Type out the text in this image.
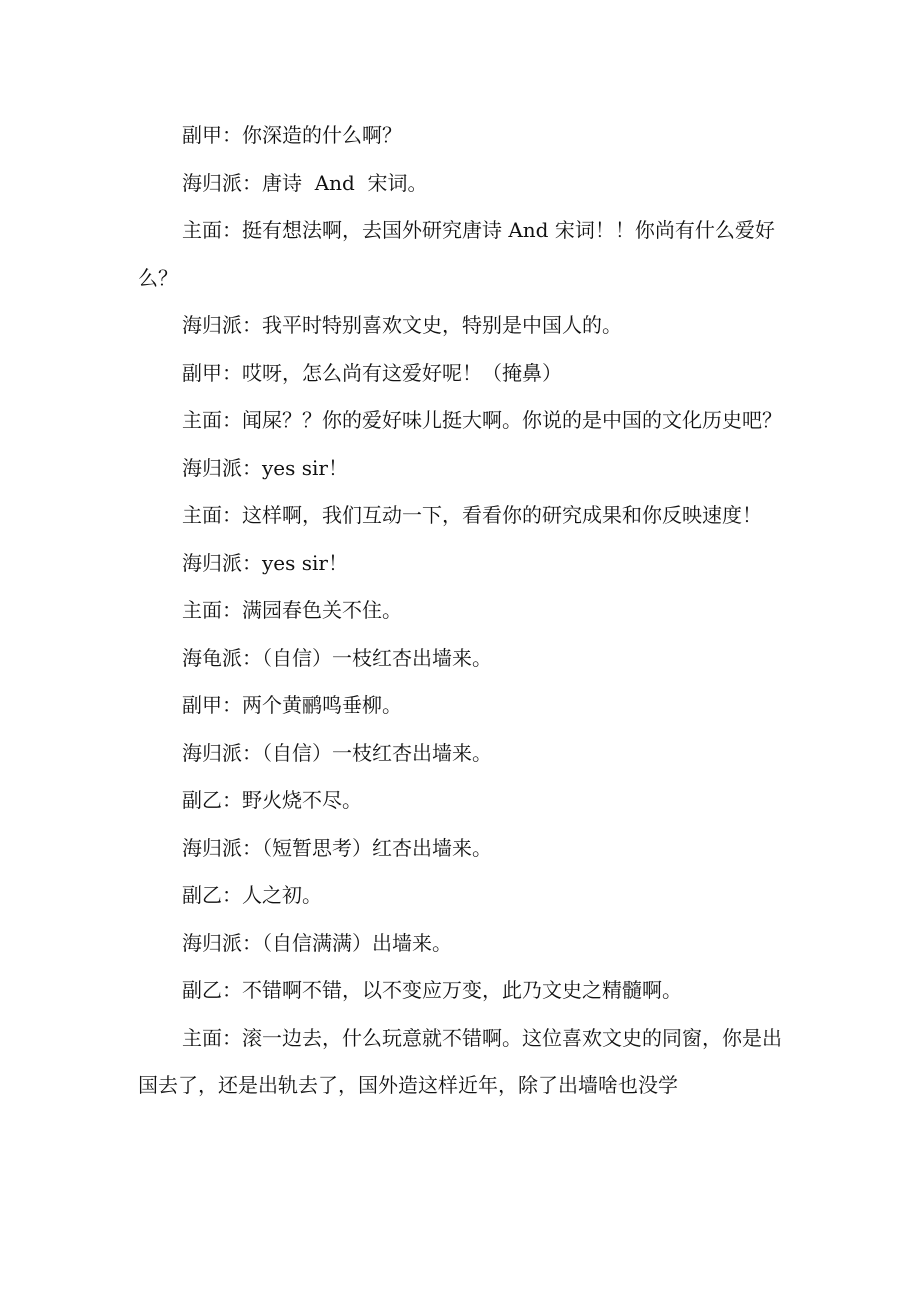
副甲：你深造的什么啊？

海归派：唐诗  And  宋词。

主面：挺有想法啊，去国外研究唐诗 And 宋词！！你尚有什么爱好么？

海归派：我平时特别喜欢文史，特别是中国人的。

副甲：哎呀，怎么尚有这爱好呢！（掩鼻）

主面：闻屎？？你的爱好味儿挺大啊。你说的是中国的文化历史吧？

海归派：yes sir！

主面：这样啊，我们互动一下，看看你的研究成果和你反映速度！

海归派：yes sir！

主面：满园春色关不住。

海龟派：（自信）一枝红杏出墙来。

副甲：两个黄鹂鸣垂柳。

海归派：（自信）一枝红杏出墙来。

副乙：野火烧不尽。

海归派：（短暂思考）红杏出墙来。

副乙：人之初。

海归派：（自信满满）出墙来。

副乙：不错啊不错，以不变应万变，此乃文史之精髓啊。

主面：滚一边去，什么玩意就不错啊。这位喜欢文史的同窗，你是出国去了，还是出轨去了，国外造这样近年，除了出墙啥也没学
